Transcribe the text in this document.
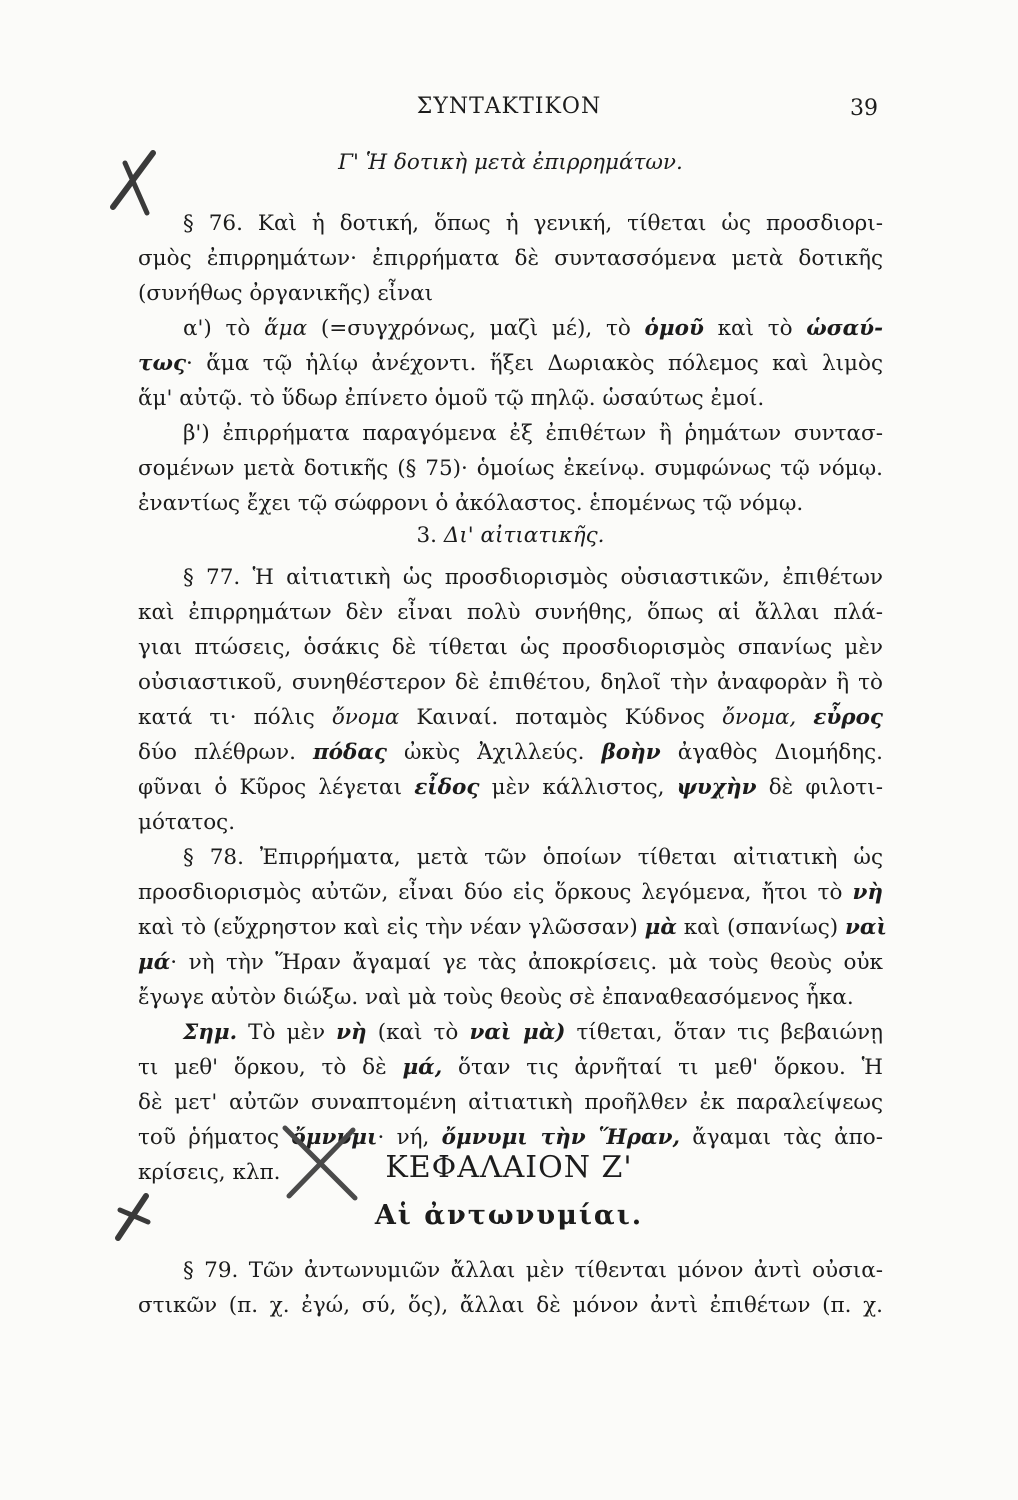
ΣΥΝΤΑΚΤΙΚΟΝ	39
Γ' Ἡ δοτικὴ μετὰ ἐπιρρημάτων.
§ 76. Καὶ ἡ δοτική, ὅπως ἡ γενική, τίθεται ὡς προσδιορι-
σμὸς ἐπιρρημάτων· ἐπιρρήματα δὲ συντασσόμενα μετὰ δοτικῆς
(συνήθως ὀργανικῆς) εἶναι
α') τὸ ἅμα (=συγχρόνως, μαζὶ μέ), τὸ ὁμοῦ καὶ τὸ ὡσαύ-
τως· ἅμα τῷ ἡλίῳ ἀνέχοντι. ἥξει Δωριακὸς πόλεμος καὶ λιμὸς
ἅμ' αὐτῷ. τὸ ὕδωρ ἐπίνετο ὁμοῦ τῷ πηλῷ. ὡσαύτως ἐμοί.
β') ἐπιρρήματα παραγόμενα ἐξ ἐπιθέτων ἢ ῥημάτων συντασ-
σομένων μετὰ δοτικῆς (§ 75)· ὁμοίως ἐκείνῳ. συμφώνως τῷ νόμῳ.
ἐναντίως ἔχει τῷ σώφρονι ὁ ἀκόλαστος. ἑπομένως τῷ νόμῳ.
3. Δι' αἰτιατικῆς.
§ 77. Ἡ αἰτιατικὴ ὡς προσδιορισμὸς οὐσιαστικῶν, ἐπιθέτων
καὶ ἐπιρρημάτων δὲν εἶναι πολὺ συνήθης, ὅπως αἱ ἄλλαι πλά-
γιαι πτώσεις, ὁσάκις δὲ τίθεται ὡς προσδιορισμὸς σπανίως μὲν
οὐσιαστικοῦ, συνηθέστερον δὲ ἐπιθέτου, δηλοῖ τὴν ἀναφορὰν ἢ τὸ
κατά τι· πόλις ὄνομα Καιναί. ποταμὸς Κύδνος ὄνομα, εὖρος
δύο πλέθρων. πόδας ὠκὺς Ἀχιλλεύς. βοὴν ἀγαθὸς Διομήδης.
φῦναι ὁ Κῦρος λέγεται εἶδος μὲν κάλλιστος, ψυχὴν δὲ φιλοτι-
μότατος.
§ 78. Ἐπιρρήματα, μετὰ τῶν ὁποίων τίθεται αἰτιατικὴ ὡς
προσδιορισμὸς αὐτῶν, εἶναι δύο εἰς ὅρκους λεγόμενα, ἤτοι τὸ νὴ
καὶ τὸ (εὔχρηστον καὶ εἰς τὴν νέαν γλῶσσαν) μὰ καὶ (σπανίως) ναὶ
μά· νὴ τὴν Ἥραν ἄγαμαί γε τὰς ἀποκρίσεις. μὰ τοὺς θεοὺς οὐκ
ἔγωγε αὐτὸν διώξω. ναὶ μὰ τοὺς θεοὺς σὲ ἐπαναθεασόμενος ἧκα.
Σημ. Τὸ μὲν νὴ (καὶ τὸ ναὶ μὰ) τίθεται, ὅταν τις βεβαιώνῃ
τι μεθ' ὅρκου, τὸ δὲ μά, ὅταν τις ἀρνῆταί τι μεθ' ὅρκου. Ἡ
δὲ μετ' αὐτῶν συναπτομένη αἰτιατικὴ προῆλθεν ἐκ παραλείψεως
τοῦ ῥήματος ὄμνυμι· νή, ὄμνυμι τὴν Ἥραν, ἄγαμαι τὰς ἀπο-
κρίσεις, κλπ.	ΚΕΦΑΛΑΙΟΝ Ζ'
Αἱ ἀντωνυμίαι.
§ 79. Τῶν ἀντωνυμιῶν ἄλλαι μὲν τίθενται μόνον ἀντὶ οὐσια-
στικῶν (π. χ. ἐγώ, σύ, ὅς), ἄλλαι δὲ μόνον ἀντὶ ἐπιθέτων (π. χ.
